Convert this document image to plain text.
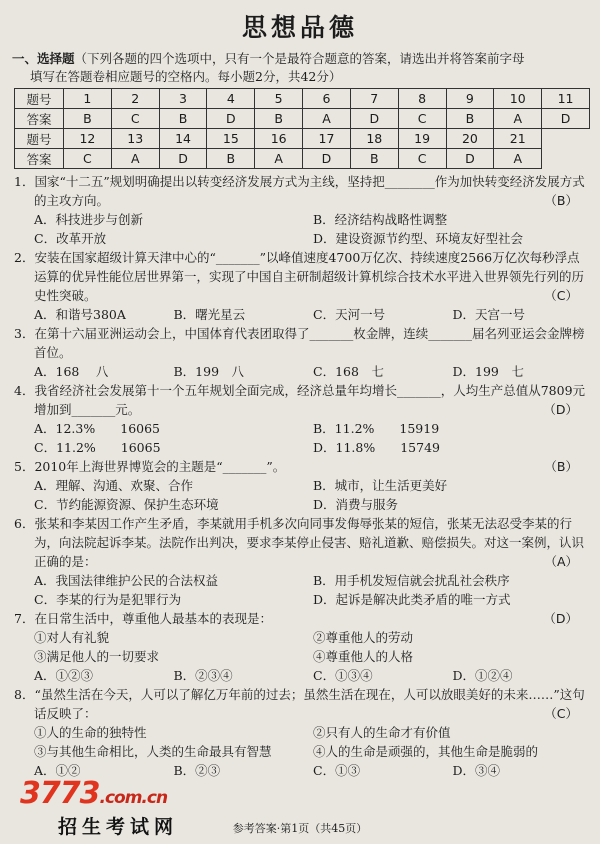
思想品德
一、选择题（下列各题的四个选项中，只有一个是最符合题意的答案，请选出并将答案前字母
填写在答题卷相应题号的空格内。每小题2分，共42分）
题号	1	2	3	4	5	6	7	8	9	10	11
答案	B	C	B	D	B	A	D	C	B	A	D
题号	12	13	14	15	16	17	18	19	20	21	
答案	C	A	D	B	A	D	B	C	D	A	
1．国家“十二五”规划明确提出以转变经济发展方式为主线，坚持把________作为加快转变经济发展方式的主攻方向。	（B）
A．科技进步与创新	B．经济结构战略性调整
C．改革开放	D．建设资源节约型、环境友好型社会
2．安装在国家超级计算天津中心的“_______”以峰值速度4700万亿次、持续速度2566万亿次每秒浮点运算的优异性能位居世界第一，实现了中国自主研制超级计算机综合技术水平进入世界领先行列的历史性突破。	（C）
A．和谐号380A	B．曙光星云	C．天河一号	D．天宫一号
3．在第十六届亚洲运动会上，中国体育代表团取得了_______枚金牌，连续_______届名列亚运会金牌榜首位。
A．168　 八	B．199　八	C．168　七	D．199　七
4．我省经济社会发展第十一个五年规划全面完成，经济总量年均增长_______，人均生产总值从7809元增加到_______元。	（D）
A．12.3%　　16065	B．11.2%　　15919
C．11.2%　　16065	D．11.8%　　15749
5．2010年上海世界博览会的主题是“_______”。	（B）
A．理解、沟通、欢聚、合作	B．城市，让生活更美好
C．节约能源资源、保护生态环境	D．消费与服务
6．张某和李某因工作产生矛盾，李某就用手机多次向同事发侮辱张某的短信，张某无法忍受李某的行为，向法院起诉李某。法院作出判决，要求李某停止侵害、赔礼道歉、赔偿损失。对这一案例，认识正确的是：	（A）
A．我国法律维护公民的合法权益	B．用手机发短信就会扰乱社会秩序
C．李某的行为是犯罪行为	D．起诉是解决此类矛盾的唯一方式
7．在日常生活中，尊重他人最基本的表现是：	（D）
①对人有礼貌	②尊重他人的劳动
③满足他人的一切要求	④尊重他人的人格
A．①②③	B．②③④	C．①③④	D．①②④
8．“虽然生活在今天，人可以了解亿万年前的过去；虽然生活在现在，人可以放眼美好的未来……”这句话反映了：	（C）
①人的生命的独特性	②只有人的生命才有价值
③与其他生命相比，人类的生命最具有智慧	④人的生命是顽强的，其他生命是脆弱的
A．①②	B．②③	C．①③	D．③④
3773.com.cn
招生考试网	参考答案·第1页（共45页）
